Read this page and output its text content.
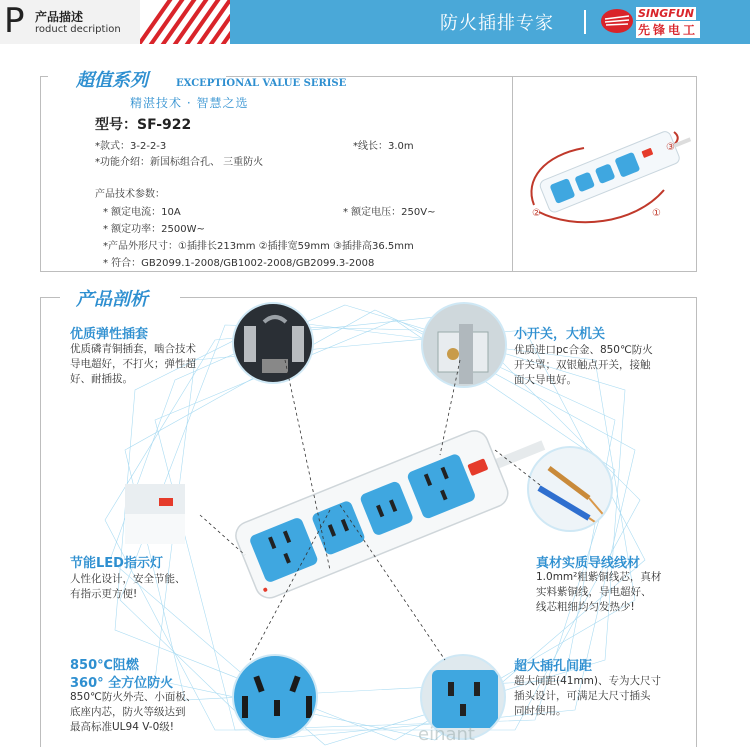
P 产品描述
roduct decription	防火插排专家	SINGFUN
先锋电工
超值系列	EXCEPTIONAL VALUE SERISE
精湛技术 · 智慧之选
型号：SF-922
*款式：3-2-2-3	*线长：3.0m
*功能介绍：新国标组合孔、 三重防火
产品技术参数：
* 额定电流：10A	* 额定电压：250V~
* 额定功率：2500W~
*产品外形尺寸：①插排长213mm ②插排宽59mm ③插排高36.5mm
* 符合：GB2099.1-2008/GB1002-2008/GB2099.3-2008
①
②
③
产品剖析
优质弹性插套
优质磷青铜插套，啮合技术
导电超好，不打火；弹性超
好、耐插拔。
小开关，大机关
优质进口pc合金、850℃防火
开关罩；双银触点开关，接触
面大导电好。
节能LED指示灯
人性化设计，安全节能、
有指示更方便!
真材实质导线线材
1.0mm²粗紫铜线芯，真材
实料紫铜线，导电超好、
线芯粗细均匀发热少!
850℃阻燃
360° 全方位防火
850℃防火外壳、小面板、
底座内芯，防火等级达到
最高标准UL94 V-0级!
超大插孔间距
超大间距(41mm)、专为大尺寸
插头设计，可满足大尺寸插头
同时使用。
einant
